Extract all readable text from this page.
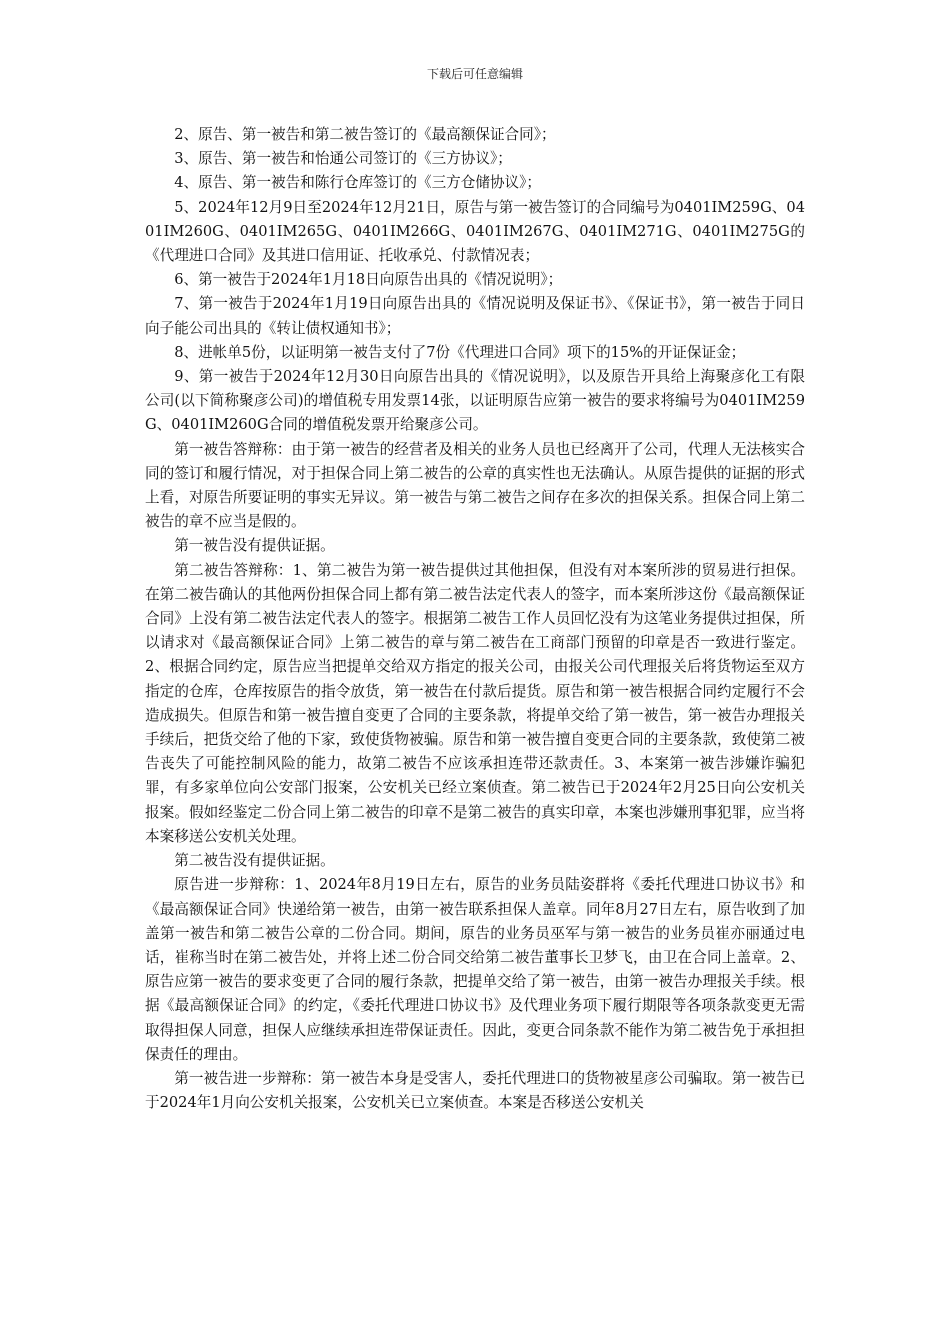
下载后可任意编辑

2、原告、第一被告和第二被告签订的《最高额保证合同》；

3、原告、第一被告和怡通公司签订的《三方协议》；

4、原告、第一被告和陈行仓库签订的《三方仓储协议》；

5、2024年12月9日至2024年12月21日，原告与第一被告签订的合同编号为0401IM259G、0401IM260G、0401IM265G、0401IM266G、0401IM267G、0401IM271G、0401IM275G的《代理进口合同》及其进口信用证、托收承兑、付款情况表；

6、第一被告于2024年1月18日向原告出具的《情况说明》；

7、第一被告于2024年1月19日向原告出具的《情况说明及保证书》、《保证书》，第一被告于同日向子能公司出具的《转让债权通知书》；

8、进帐单5份，以证明第一被告支付了7份《代理进口合同》项下的15%的开证保证金；

9、第一被告于2024年12月30日向原告出具的《情况说明》，以及原告开具给上海聚彦化工有限公司(以下简称聚彦公司)的增值税专用发票14张，以证明原告应第一被告的要求将编号为0401IM259G、0401IM260G合同的增值税发票开给聚彦公司。

第一被告答辩称：由于第一被告的经营者及相关的业务人员也已经离开了公司，代理人无法核实合同的签订和履行情况，对于担保合同上第二被告的公章的真实性也无法确认。从原告提供的证据的形式上看，对原告所要证明的事实无异议。第一被告与第二被告之间存在多次的担保关系。担保合同上第二被告的章不应当是假的。

第一被告没有提供证据。

第二被告答辩称：1、第二被告为第一被告提供过其他担保，但没有对本案所涉的贸易进行担保。在第二被告确认的其他两份担保合同上都有第二被告法定代表人的签字，而本案所涉这份《最高额保证合同》上没有第二被告法定代表人的签字。根据第二被告工作人员回忆没有为这笔业务提供过担保，所以请求对《最高额保证合同》上第二被告的章与第二被告在工商部门预留的印章是否一致进行鉴定。2、根据合同约定，原告应当把提单交给双方指定的报关公司，由报关公司代理报关后将货物运至双方指定的仓库，仓库按原告的指令放货，第一被告在付款后提货。原告和第一被告根据合同约定履行不会造成损失。但原告和第一被告擅自变更了合同的主要条款，将提单交给了第一被告，第一被告办理报关手续后，把货交给了他的下家，致使货物被骗。原告和第一被告擅自变更合同的主要条款，致使第二被告丧失了可能控制风险的能力，故第二被告不应该承担连带还款责任。3、本案第一被告涉嫌诈骗犯罪，有多家单位向公安部门报案，公安机关已经立案侦查。第二被告已于2024年2月25日向公安机关报案。假如经鉴定二份合同上第二被告的印章不是第二被告的真实印章，本案也涉嫌刑事犯罪，应当将本案移送公安机关处理。

第二被告没有提供证据。

原告进一步辩称：1、2024年8月19日左右，原告的业务员陆姿群将《委托代理进口协议书》和《最高额保证合同》快递给第一被告，由第一被告联系担保人盖章。同年8月27日左右，原告收到了加盖第一被告和第二被告公章的二份合同。期间，原告的业务员巫军与第一被告的业务员崔亦丽通过电话，崔称当时在第二被告处，并将上述二份合同交给第二被告董事长卫梦飞，由卫在合同上盖章。2、原告应第一被告的要求变更了合同的履行条款，把提单交给了第一被告，由第一被告办理报关手续。根据《最高额保证合同》的约定，《委托代理进口协议书》及代理业务项下履行期限等各项条款变更无需取得担保人同意，担保人应继续承担连带保证责任。因此，变更合同条款不能作为第二被告免于承担担保责任的理由。

第一被告进一步辩称：第一被告本身是受害人，委托代理进口的货物被星彦公司骗取。第一被告已于2024年1月向公安机关报案，公安机关已立案侦查。本案是否移送公安机关
